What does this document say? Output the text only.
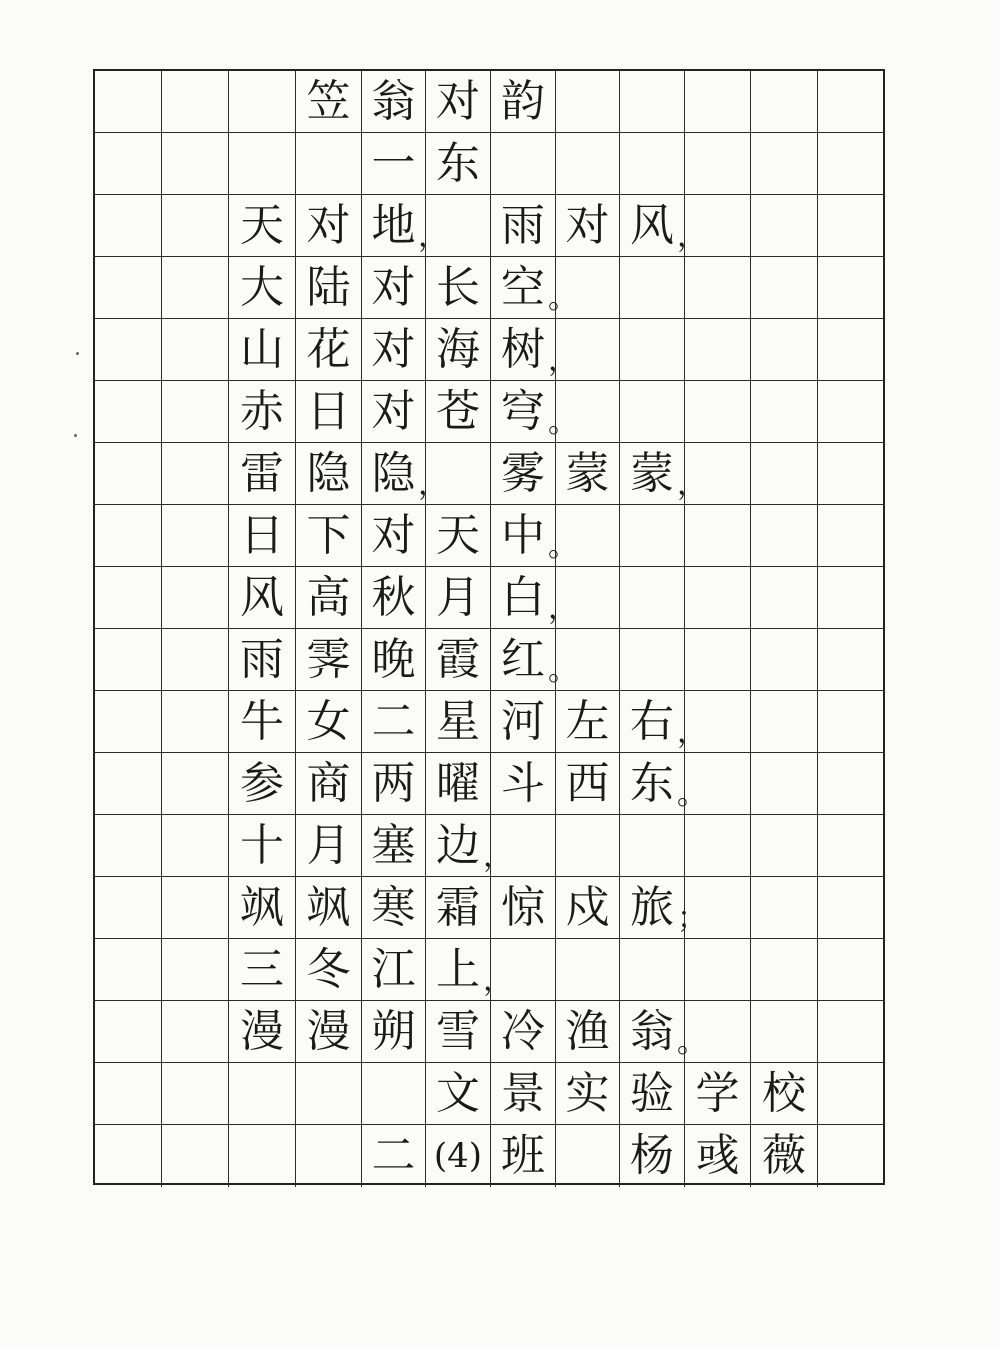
笠 翁 对 韵
一 东
天 对 地 ， 雨 对 风 ，
大 陆 对 长 空 。
山 花 对 海 树 ，
赤 日 对 苍 穹 。
雷 隐 隐 ， 雾 蒙 蒙 ，
日 下 对 天 中 。
风 高 秋 月 白 ，
雨 霁 晚 霞 红 。
牛 女 二 星 河 左 右 ，
参 商 两 曜 斗 西 东 。
十 月 塞 边 ，
飒 飒 寒 霜 惊 戍 旅 ；
三 冬 江 上 ，
漫 漫 朔 雪 冷 渔 翁 。
文 景 实 验 学 校
二 (4) 班 杨 彧 薇
